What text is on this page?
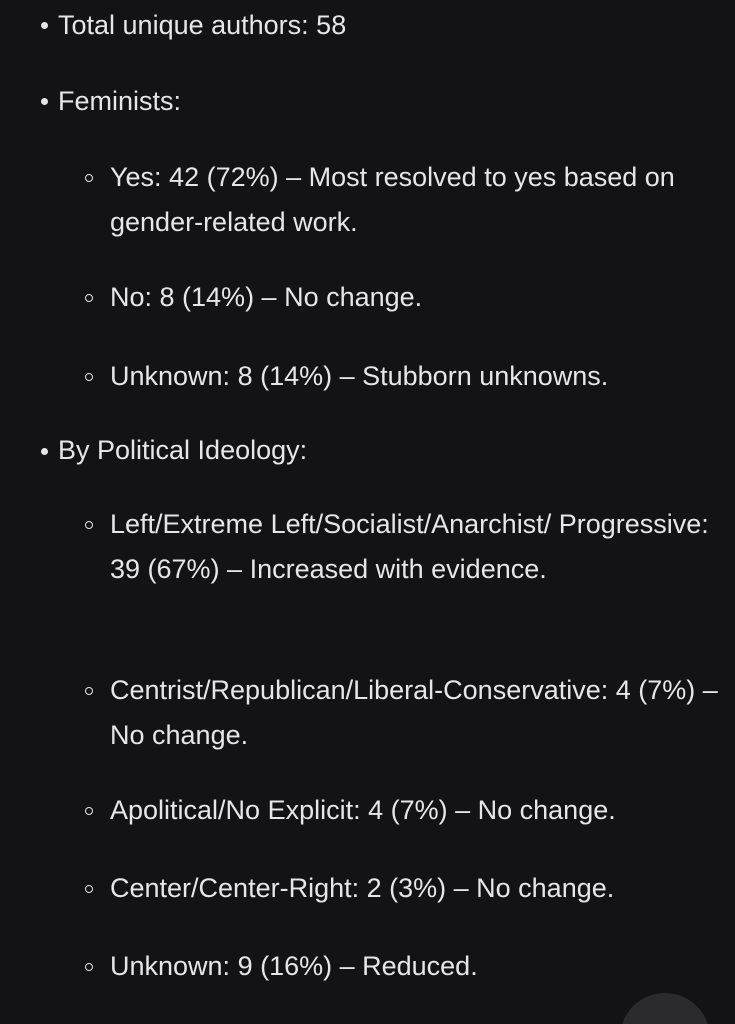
Total unique authors: 58

Feminists:

Yes: 42 (72%) – Most resolved to yes based on gender-related work.

No: 8 (14%) – No change.

Unknown: 8 (14%) – Stubborn unknowns.

By Political Ideology:

Left/Extreme Left/Socialist/Anarchist/ Progressive: 39 (67%) – Increased with evidence.

Centrist/Republican/Liberal-Conservative: 4 (7%) – No change.

Apolitical/No Explicit: 4 (7%) – No change.

Center/Center-Right: 2 (3%) – No change.

Unknown: 9 (16%) – Reduced.
